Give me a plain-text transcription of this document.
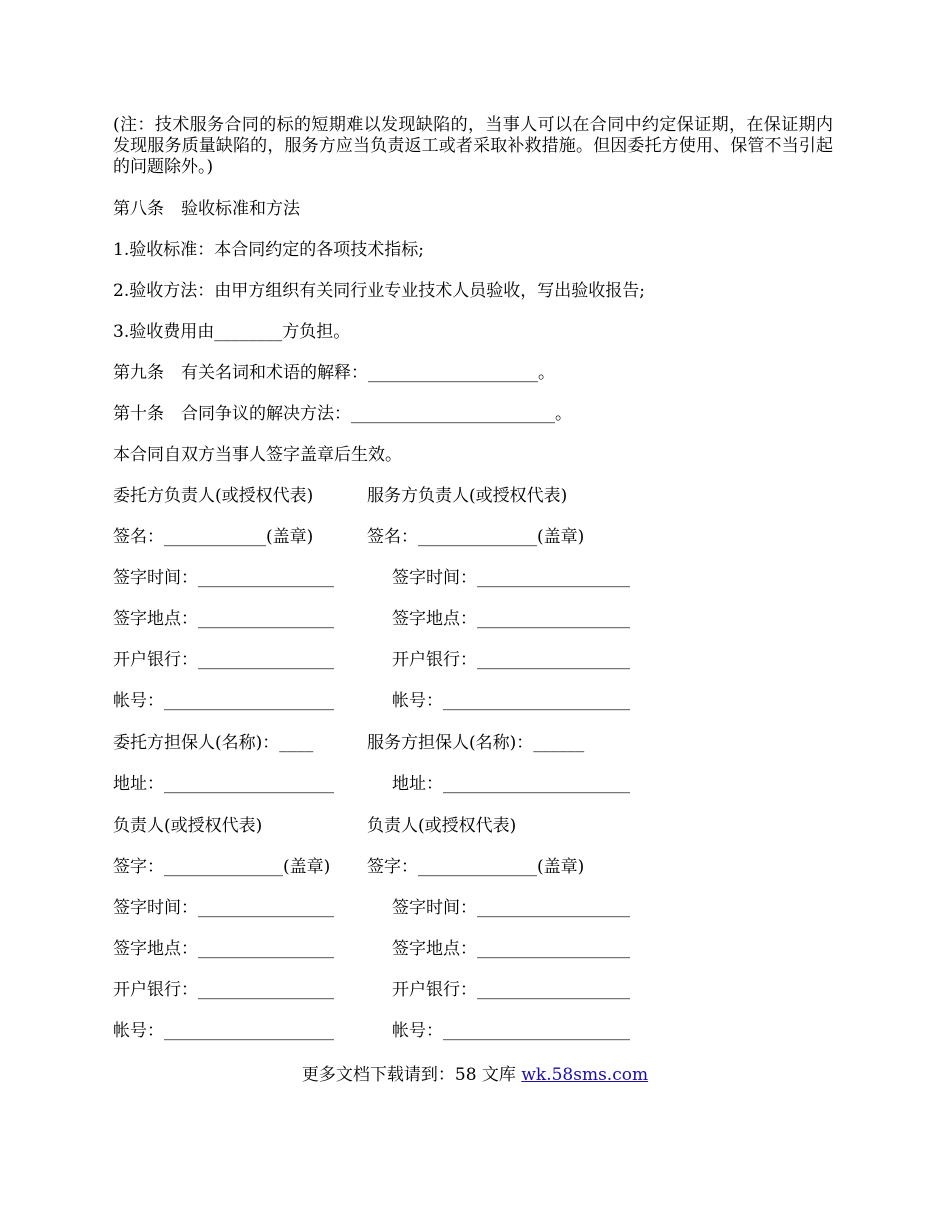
(注：技术服务合同的标的短期难以发现缺陷的，当事人可以在合同中约定保证期，在保证期内发现服务质量缺陷的，服务方应当负责返工或者采取补救措施。但因委托方使用、保管不当引起的问题除外。)

第八条　验收标准和方法

1.验收标准：本合同约定的各项技术指标;

2.验收方法：由甲方组织有关同行业专业技术人员验收，写出验收报告;

3.验收费用由________方负担。

第九条　有关名词和术语的解释：____________________。

第十条　合同争议的解决方法：________________________。

本合同自双方当事人签字盖章后生效。

委托方负责人(或授权代表)	服务方负责人(或授权代表)

签名：____________(盖章)	签名：______________(盖章)

签字时间：________________	签字时间：__________________

签字地点：________________	签字地点：__________________

开户银行：________________	开户银行：__________________

帐号：____________________	帐号：______________________

委托方担保人(名称)：____	服务方担保人(名称)：______

地址：____________________	地址：______________________

负责人(或授权代表)	负责人(或授权代表)

签字：______________(盖章) 签字：______________(盖章)

签字时间：________________	签字时间：__________________

签字地点：________________	签字地点：__________________

开户银行：________________	开户银行：__________________

帐号：____________________	帐号：______________________

更多文档下载请到：58 文库 wk.58sms.com
